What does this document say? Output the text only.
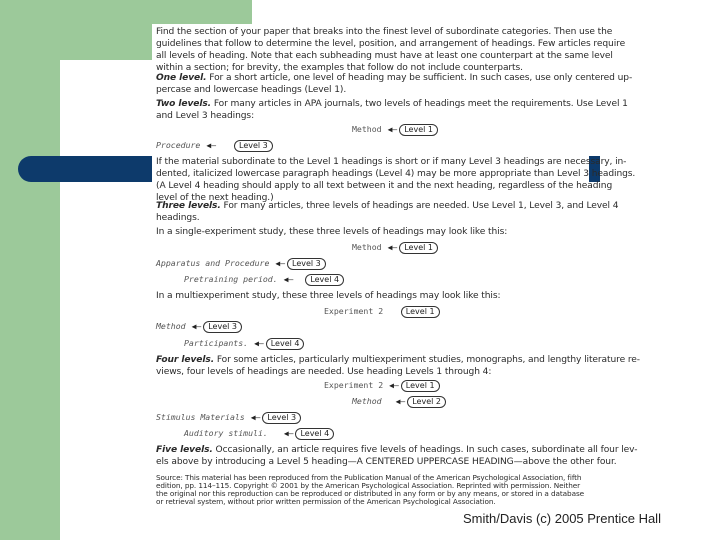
Find the section of your paper that breaks into the finest level of subordinate categories. Then use the
guidelines that follow to determine the level, position, and arrangement of headings. Few articles require
all levels of heading. Note that each subheading must have at least one counterpart at the same level
within a section; for brevity, the examples that follow do not include counterparts.
One level. For a short article, one level of heading may be sufficient. In such cases, use only centered up-
percase and lowercase headings (Level 1).
Two levels. For many articles in APA journals, two levels of headings meet the requirements. Use Level 1
and Level 3 headings:
Method ◀— Level 1
Procedure ◀—	Level 3
If the material subordinate to the Level 1 headings is short or if many Level 3 headings are necessary, in-
dented, italicized lowercase paragraph headings (Level 4) may be more appropriate than Level 3 headings.
(A Level 4 heading should apply to all text between it and the next heading, regardless of the heading
level of the next heading.)
Three levels. For many articles, three levels of headings are needed. Use Level 1, Level 3, and Level 4
headings.
In a single-experiment study, these three levels of headings may look like this:
Method ◀— Level 1
Apparatus and Procedure ◀— Level 3
Pretraining period. ◀— Level 4
In a multiexperiment study, these three levels of headings may look like this:
Experiment 2	Level 1
Method ◀— Level 3
Participants. ◀— Level 4
Four levels. For some articles, particularly multiexperiment studies, monographs, and lengthy literature re-
views, four levels of headings are needed. Use heading Levels 1 through 4:
Experiment 2 ◀— Level 1
Method ◀— Level 2
Stimulus Materials ◀— Level 3
Auditory stimuli. ◀— Level 4
Five levels. Occasionally, an article requires five levels of headings. In such cases, subordinate all four lev-
els above by introducing a Level 5 heading—A CENTERED UPPERCASE HEADING—above the other four.
Source: This material has been reproduced from the Publication Manual of the American Psychological Association, fifth
edition, pp. 114–115. Copyright © 2001 by the American Psychological Association. Reprinted with permission. Neither
the original nor this reproduction can be reproduced or distributed in any form or by any means, or stored in a database
or retrieval system, without prior written permission of the American Psychological Association.
Smith/Davis (c) 2005 Prentice Hall
